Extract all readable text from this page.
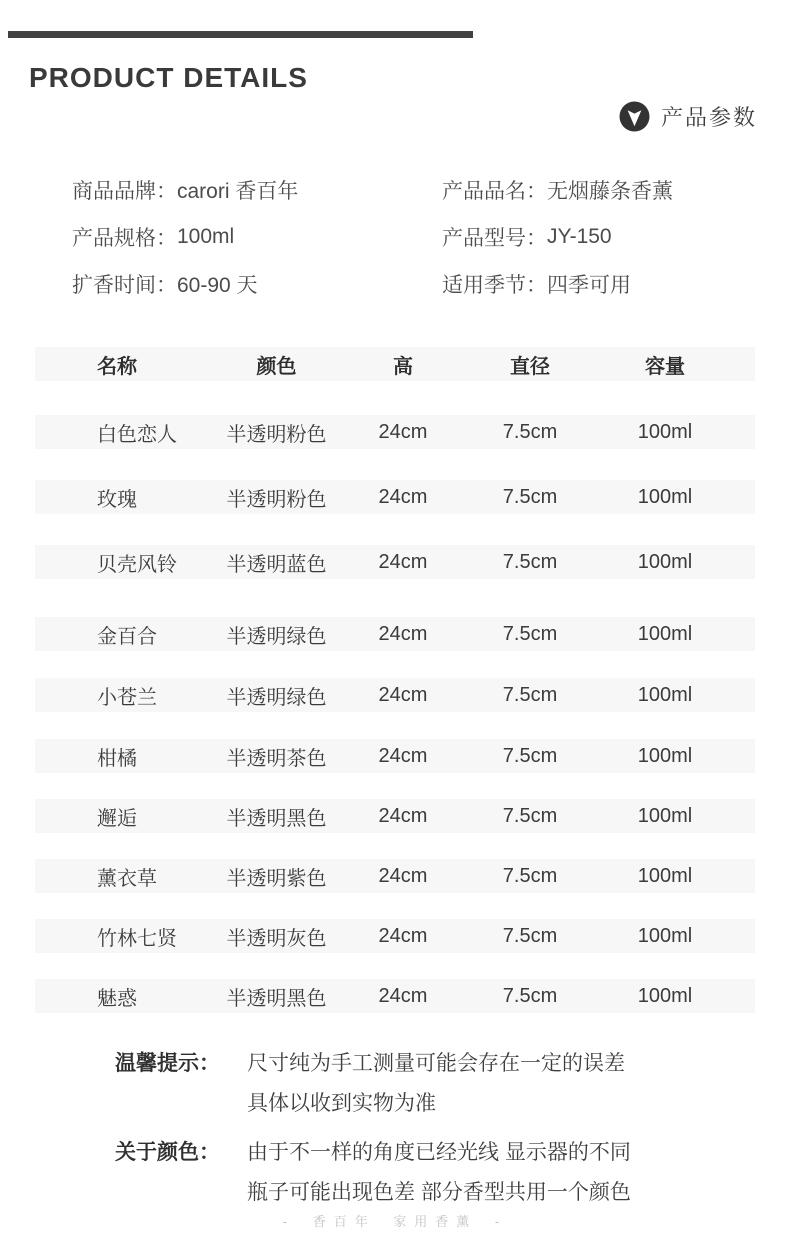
PRODUCT DETAILS
产品参数
商品品牌： carori 香百年	产品品名： 无烟藤条香薰
产品规格： 100ml	产品型号： JY-150
扩香时间： 60-90 天	适用季节： 四季可用
名称	颜色	高	直径	容量
白色恋人	半透明粉色	24cm	7.5cm	100ml
玫瑰	半透明粉色	24cm	7.5cm	100ml
贝壳风铃	半透明蓝色	24cm	7.5cm	100ml
金百合	半透明绿色	24cm	7.5cm	100ml
小苍兰	半透明绿色	24cm	7.5cm	100ml
柑橘	半透明茶色	24cm	7.5cm	100ml
邂逅	半透明黑色	24cm	7.5cm	100ml
薰衣草	半透明紫色	24cm	7.5cm	100ml
竹林七贤	半透明灰色	24cm	7.5cm	100ml
魅惑	半透明黑色	24cm	7.5cm	100ml
温馨提示：	尺寸纯为手工测量可能会存在一定的误差
具体以收到实物为准
关于颜色：	由于不一样的角度已经光线 显示器的不同
瓶子可能出现色差 部分香型共用一个颜色
- 香百年 家用香薰 -
